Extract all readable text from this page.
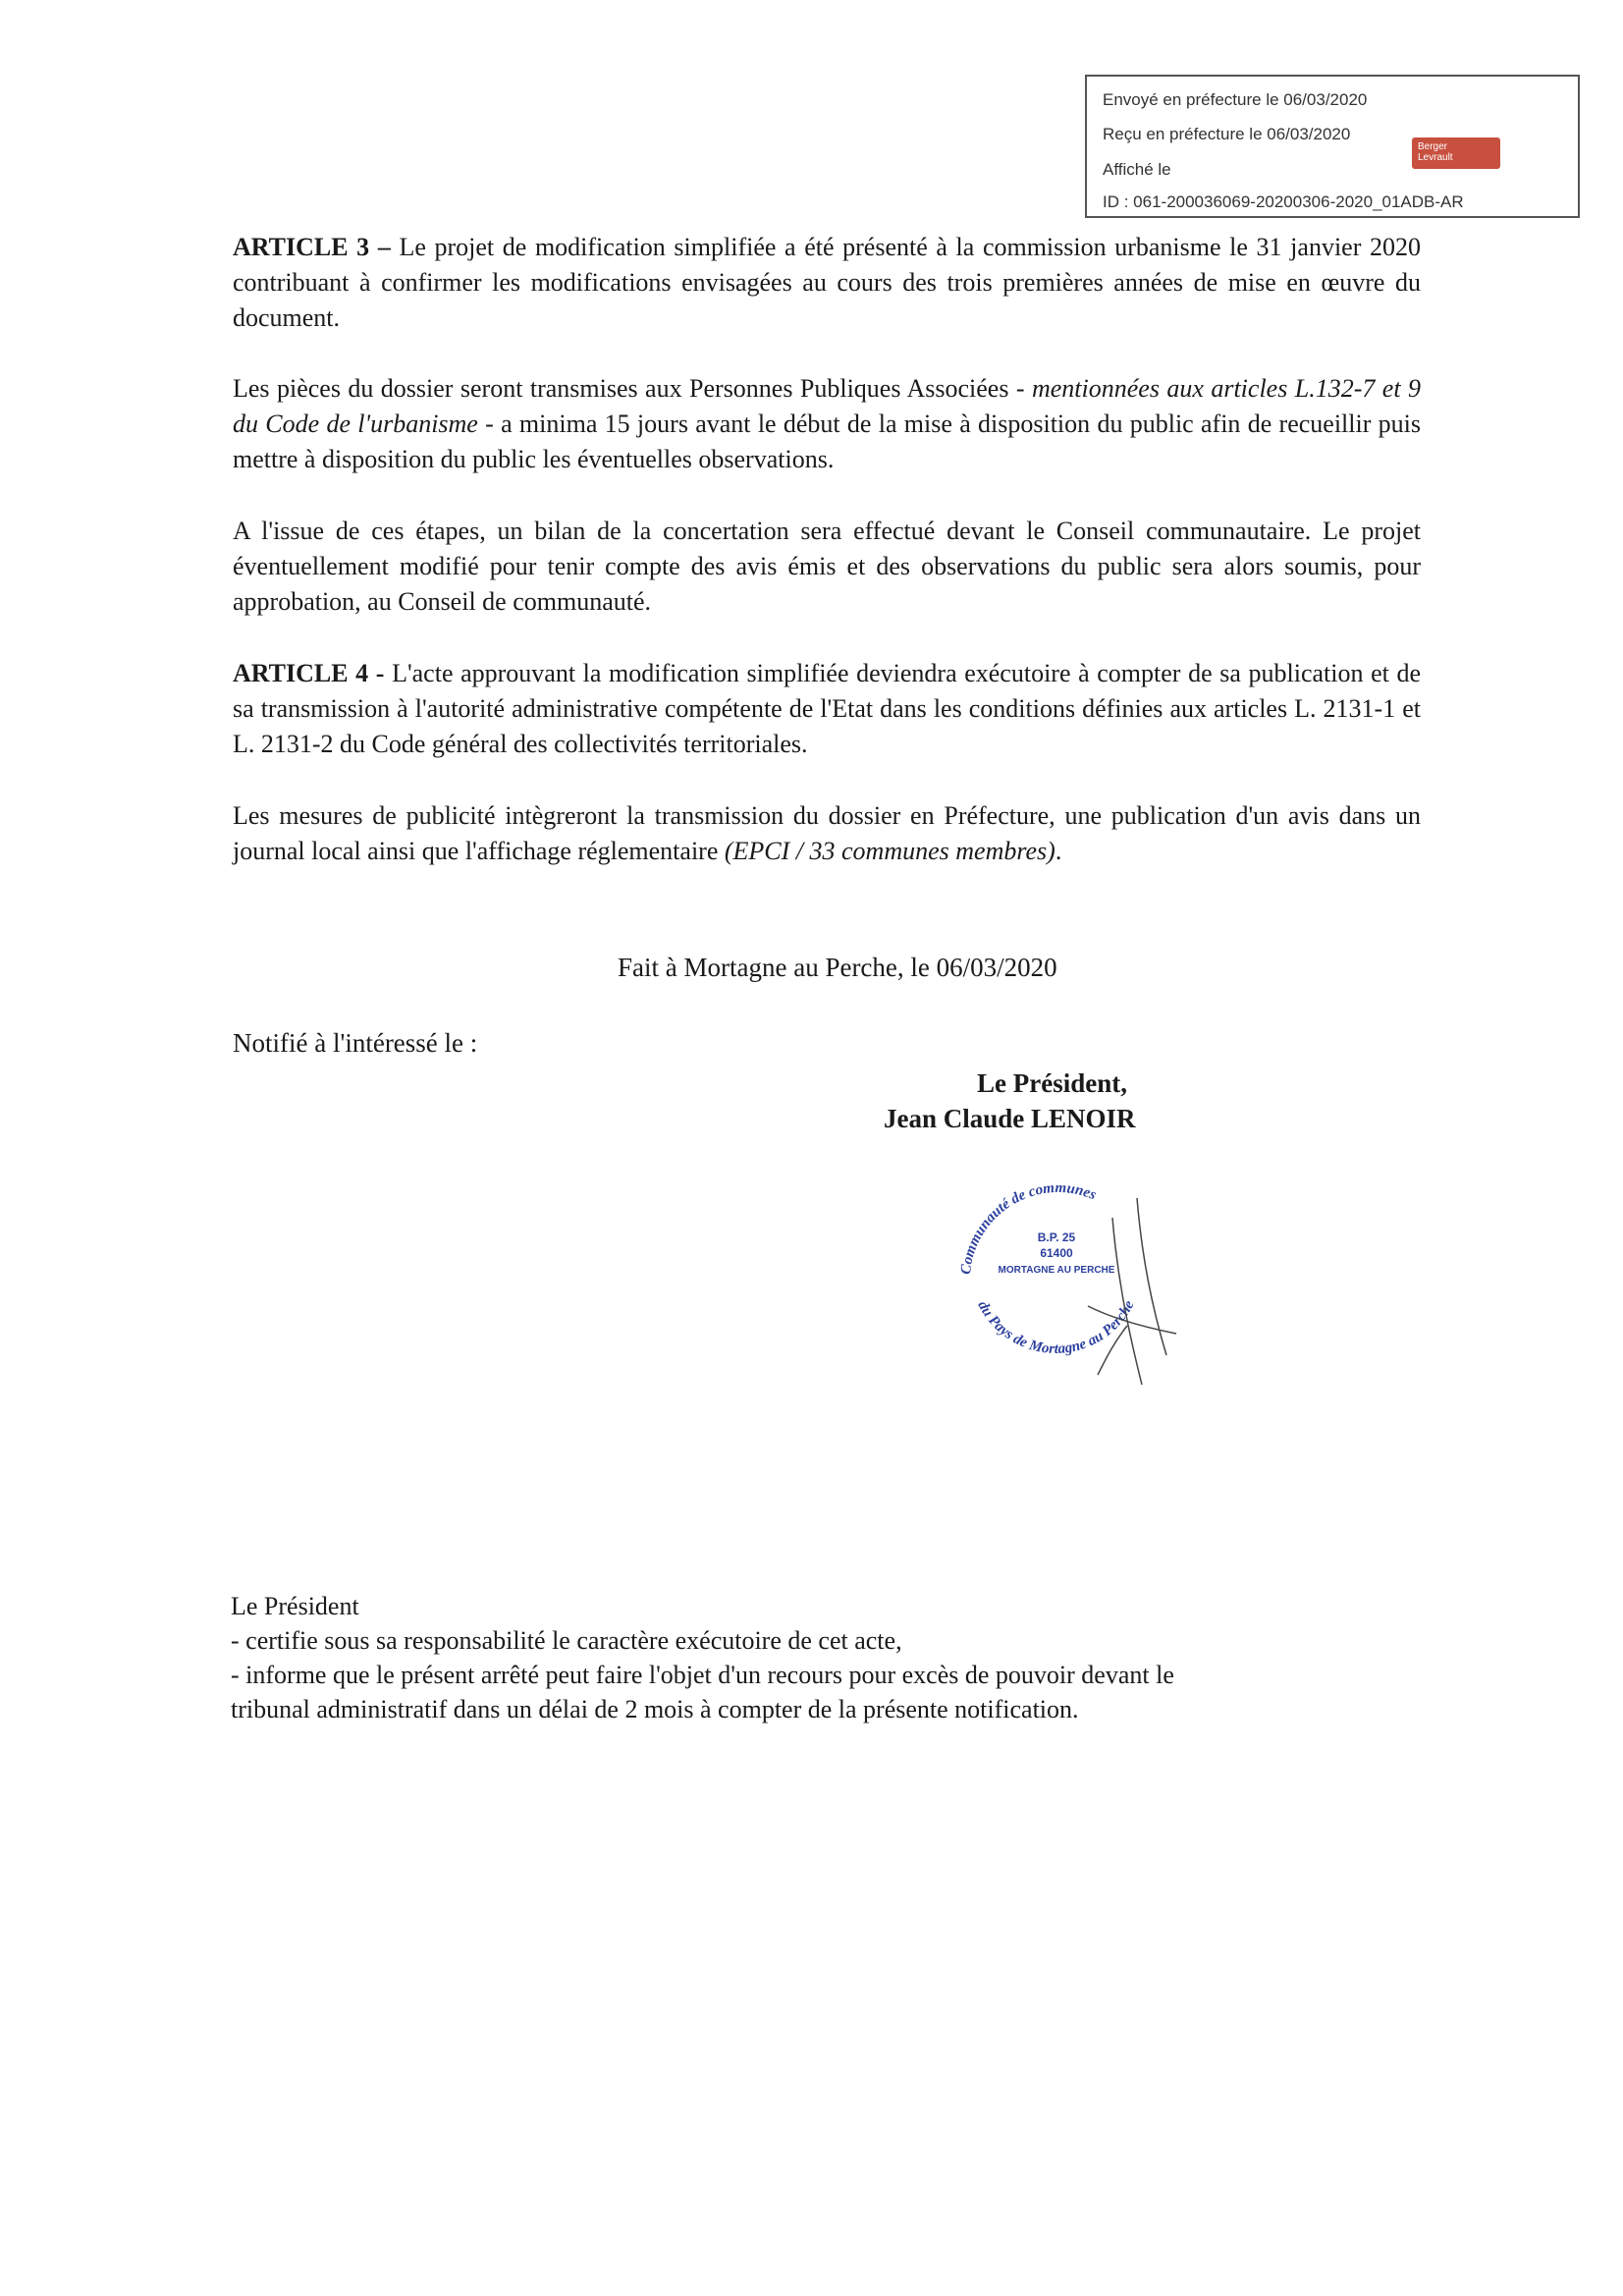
Envoyé en préfecture le 06/03/2020
Reçu en préfecture le 06/03/2020
Affiché le
ID : 061-200036069-20200306-2020_01ADB-AR
Berger
Levrault

ARTICLE 3 – Le projet de modification simplifiée a été présenté à la commission urbanisme le 31 janvier 2020 contribuant à confirmer les modifications envisagées au cours des trois premières années de mise en œuvre du document.

Les pièces du dossier seront transmises aux Personnes Publiques Associées - mentionnées aux articles L.132-7 et 9 du Code de l'urbanisme - a minima 15 jours avant le début de la mise à disposition du public afin de recueillir puis mettre à disposition du public les éventuelles observations.

A l'issue de ces étapes, un bilan de la concertation sera effectué devant le Conseil communautaire. Le projet éventuellement modifié pour tenir compte des avis émis et des observations du public sera alors soumis, pour approbation, au Conseil de communauté.

ARTICLE 4 - L'acte approuvant la modification simplifiée deviendra exécutoire à compter de sa publication et de sa transmission à l'autorité administrative compétente de l'Etat dans les conditions définies aux articles L. 2131-1 et L. 2131-2 du Code général des collectivités territoriales.

Les mesures de publicité intègreront la transmission du dossier en Préfecture, une publication d'un avis dans un journal local ainsi que l'affichage réglementaire (EPCI / 33 communes membres).

Fait à Mortagne au Perche, le 06/03/2020
Notifié à l'intéressé le :
Le Président,
Jean Claude LENOIR
Communauté de communes
du Pays de Mortagne au Perche
B.P. 25
61400
MORTAGNE AU PERCHE
Le Président
- certifie sous sa responsabilité le caractère exécutoire de cet acte,
- informe que le présent arrêté peut faire l'objet d'un recours pour excès de pouvoir devant le
tribunal administratif dans un délai de 2 mois à compter de la présente notification.
